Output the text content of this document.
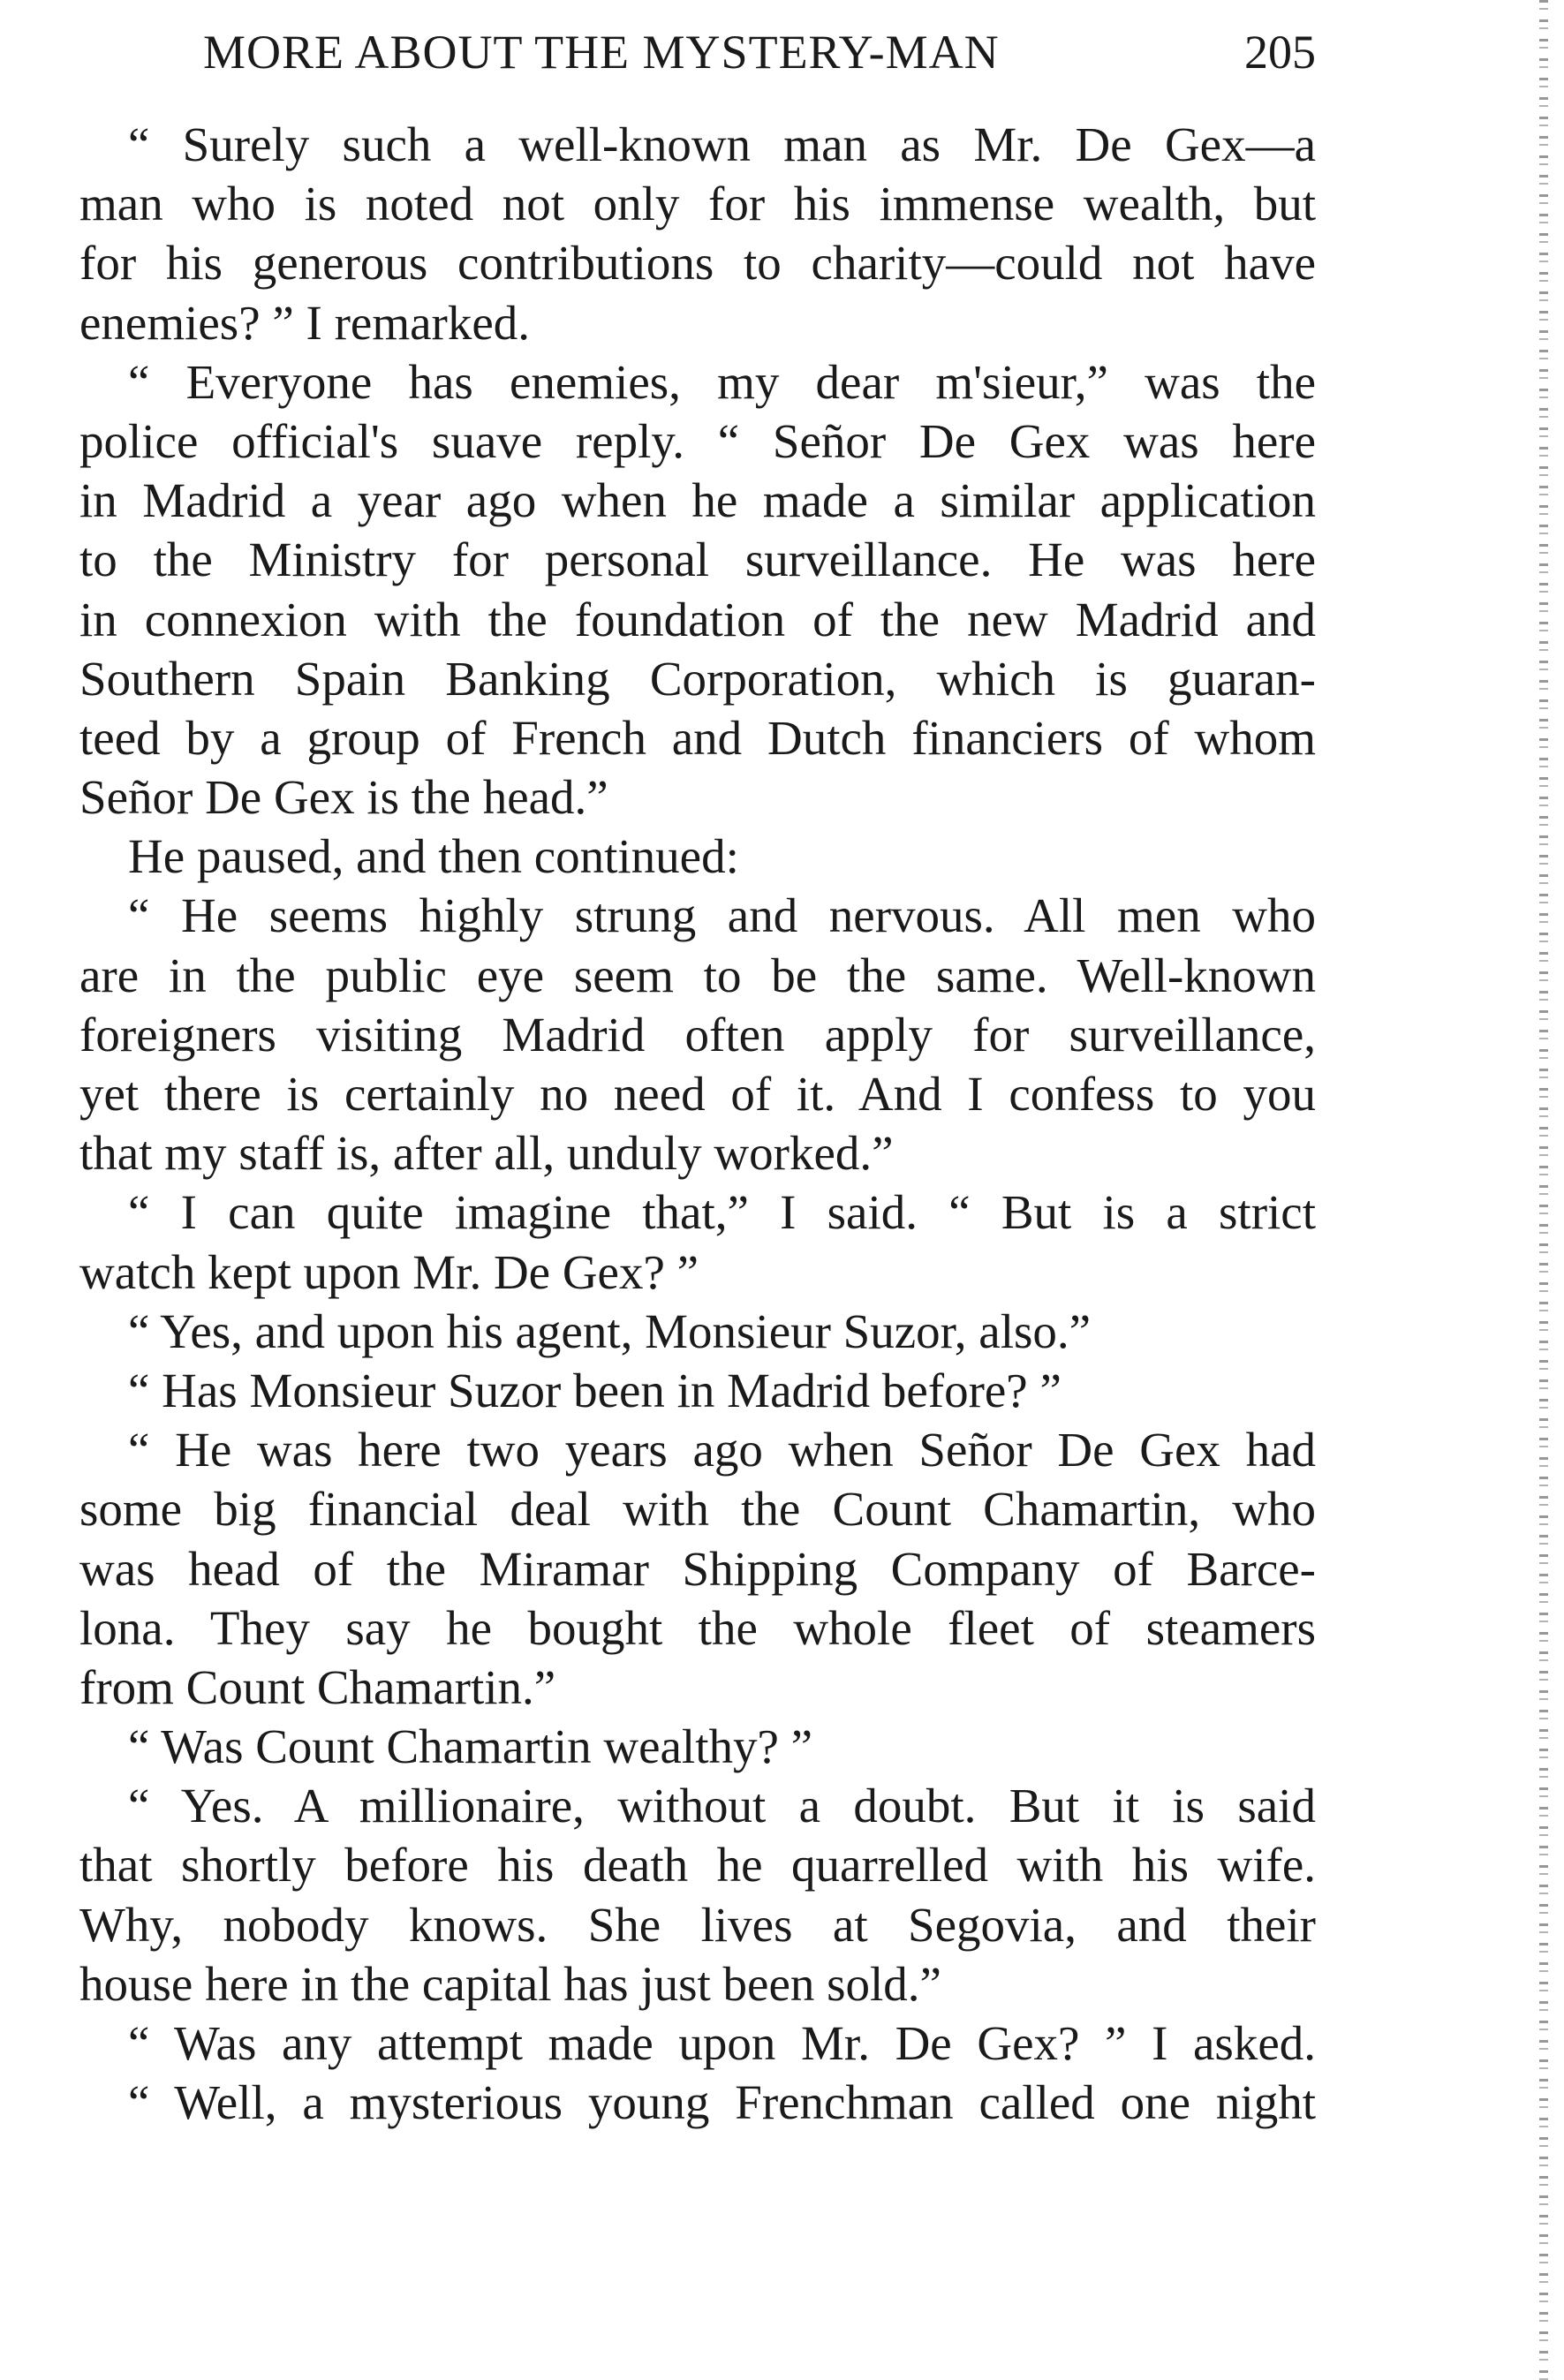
MORE ABOUT THE MYSTERY-MAN	205
“ Surely such a well-known man as Mr. De Gex—a
man who is noted not only for his immense wealth, but
for his generous contributions to charity—could not have
enemies? ” I remarked.
“ Everyone has enemies, my dear m'sieur,” was the
police official's suave reply. “ Señor De Gex was here
in Madrid a year ago when he made a similar application
to the Ministry for personal surveillance. He was here
in connexion with the foundation of the new Madrid and
Southern Spain Banking Corporation, which is guaran-
teed by a group of French and Dutch financiers of whom
Señor De Gex is the head.”
He paused, and then continued:
“ He seems highly strung and nervous. All men who
are in the public eye seem to be the same. Well-known
foreigners visiting Madrid often apply for surveillance,
yet there is certainly no need of it. And I confess to you
that my staff is, after all, unduly worked.”
“ I can quite imagine that,” I said. “ But is a strict
watch kept upon Mr. De Gex? ”
“ Yes, and upon his agent, Monsieur Suzor, also.”
“ Has Monsieur Suzor been in Madrid before? ”
“ He was here two years ago when Señor De Gex had
some big financial deal with the Count Chamartin, who
was head of the Miramar Shipping Company of Barce-
lona. They say he bought the whole fleet of steamers
from Count Chamartin.”
“ Was Count Chamartin wealthy? ”
“ Yes. A millionaire, without a doubt. But it is said
that shortly before his death he quarrelled with his wife.
Why, nobody knows. She lives at Segovia, and their
house here in the capital has just been sold.”
“ Was any attempt made upon Mr. De Gex? ” I asked.
“ Well, a mysterious young Frenchman called one night
